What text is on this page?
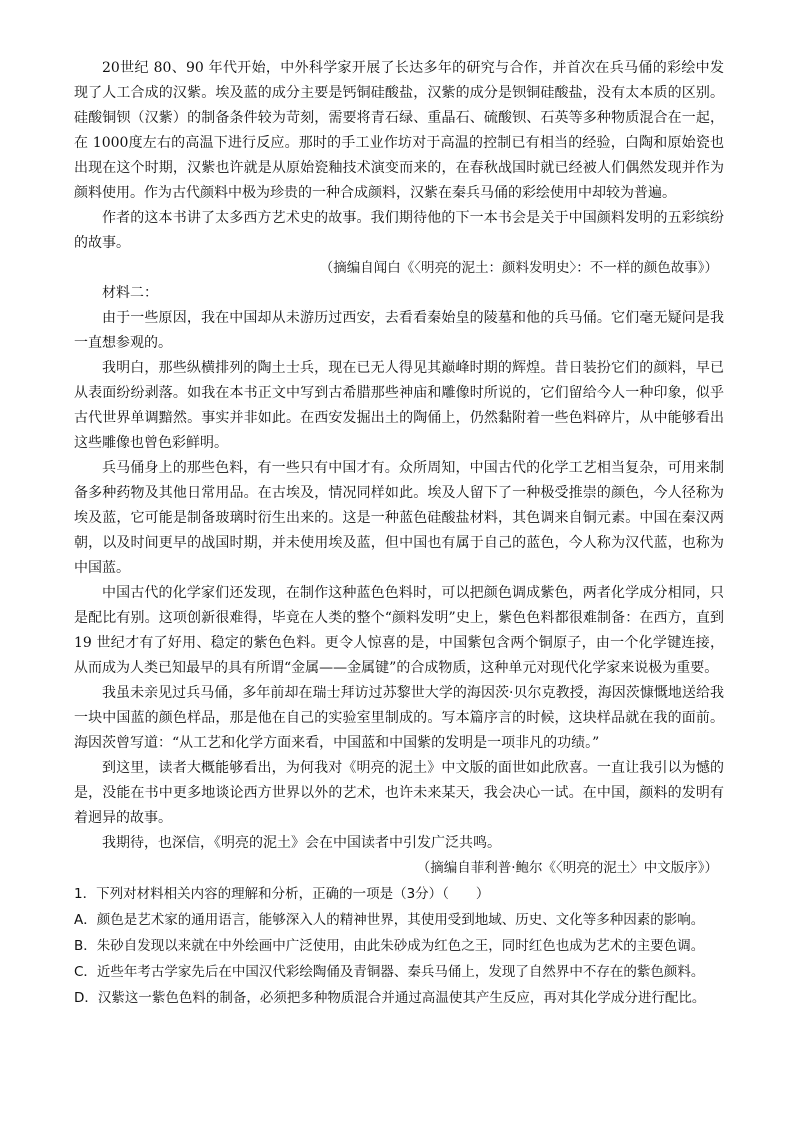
20世纪 80、90 年代开始，中外科学家开展了长达多年的研究与合作，并首次在兵马俑的彩绘中发现了人工合成的汉紫。埃及蓝的成分主要是钙铜硅酸盐，汉紫的成分是钡铜硅酸盐，没有太本质的区别。硅酸铜钡（汉紫）的制备条件较为苛刻，需要将青石绿、重晶石、硫酸钡、石英等多种物质混合在一起，在 1000度左右的高温下进行反应。那时的手工业作坊对于高温的控制已有相当的经验，白陶和原始瓷也出现在这个时期，汉紫也许就是从原始瓷釉技术演变而来的，在春秋战国时就已经被人们偶然发现并作为颜料使用。作为古代颜料中极为珍贵的一种合成颜料，汉紫在秦兵马俑的彩绘使用中却较为普遍。

作者的这本书讲了太多西方艺术史的故事。我们期待他的下一本书会是关于中国颜料发明的五彩缤纷的故事。

（摘编自闻白《〈明亮的泥土：颜料发明史〉：不一样的颜色故事》）

材料二：

由于一些原因，我在中国却从未游历过西安，去看看秦始皇的陵墓和他的兵马俑。它们毫无疑问是我一直想参观的。

我明白，那些纵横排列的陶土士兵，现在已无人得见其巅峰时期的辉煌。昔日装扮它们的颜料，早已从表面纷纷剥落。如我在本书正文中写到古希腊那些神庙和雕像时所说的，它们留给今人一种印象，似乎古代世界单调黯然。事实并非如此。在西安发掘出土的陶俑上，仍然黏附着一些色料碎片，从中能够看出这些雕像也曾色彩鲜明。

兵马俑身上的那些色料，有一些只有中国才有。众所周知，中国古代的化学工艺相当复杂，可用来制备多种药物及其他日常用品。在古埃及，情况同样如此。埃及人留下了一种极受推崇的颜色，今人径称为埃及蓝，它可能是制备玻璃时衍生出来的。这是一种蓝色硅酸盐材料，其色调来自铜元素。中国在秦汉两朝，以及时间更早的战国时期，并未使用埃及蓝，但中国也有属于自己的蓝色，今人称为汉代蓝，也称为中国蓝。

中国古代的化学家们还发现，在制作这种蓝色色料时，可以把颜色调成紫色，两者化学成分相同，只是配比有别。这项创新很难得，毕竟在人类的整个“颜料发明”史上，紫色色料都很难制备：在西方，直到 19 世纪才有了好用、稳定的紫色色料。更令人惊喜的是，中国紫包含两个铜原子，由一个化学键连接，从而成为人类已知最早的具有所谓“金属——金属键”的合成物质，这种单元对现代化学家来说极为重要。

我虽未亲见过兵马俑，多年前却在瑞士拜访过苏黎世大学的海因茨·贝尔克教授，海因茨慷慨地送给我一块中国蓝的颜色样品，那是他在自己的实验室里制成的。写本篇序言的时候，这块样品就在我的面前。海因茨曾写道：“从工艺和化学方面来看，中国蓝和中国紫的发明是一项非凡的功绩。”

到这里，读者大概能够看出，为何我对《明亮的泥土》中文版的面世如此欣喜。一直让我引以为憾的是，没能在书中更多地谈论西方世界以外的艺术，也许未来某天，我会决心一试。在中国，颜料的发明有着迥异的故事。

我期待，也深信，《明亮的泥土》会在中国读者中引发广泛共鸣。

（摘编自菲利普·鲍尔《〈明亮的泥土〉中文版序》）

1．下列对材料相关内容的理解和分析，正确的一项是（3分）（　　）

A．颜色是艺术家的通用语言，能够深入人的精神世界，其使用受到地域、历史、文化等多种因素的影响。

B．朱砂自发现以来就在中外绘画中广泛使用，由此朱砂成为红色之王，同时红色也成为艺术的主要色调。

C．近些年考古学家先后在中国汉代彩绘陶俑及青铜器、秦兵马俑上，发现了自然界中不存在的紫色颜料。

D．汉紫这一紫色色料的制备，必须把多种物质混合并通过高温使其产生反应，再对其化学成分进行配比。
